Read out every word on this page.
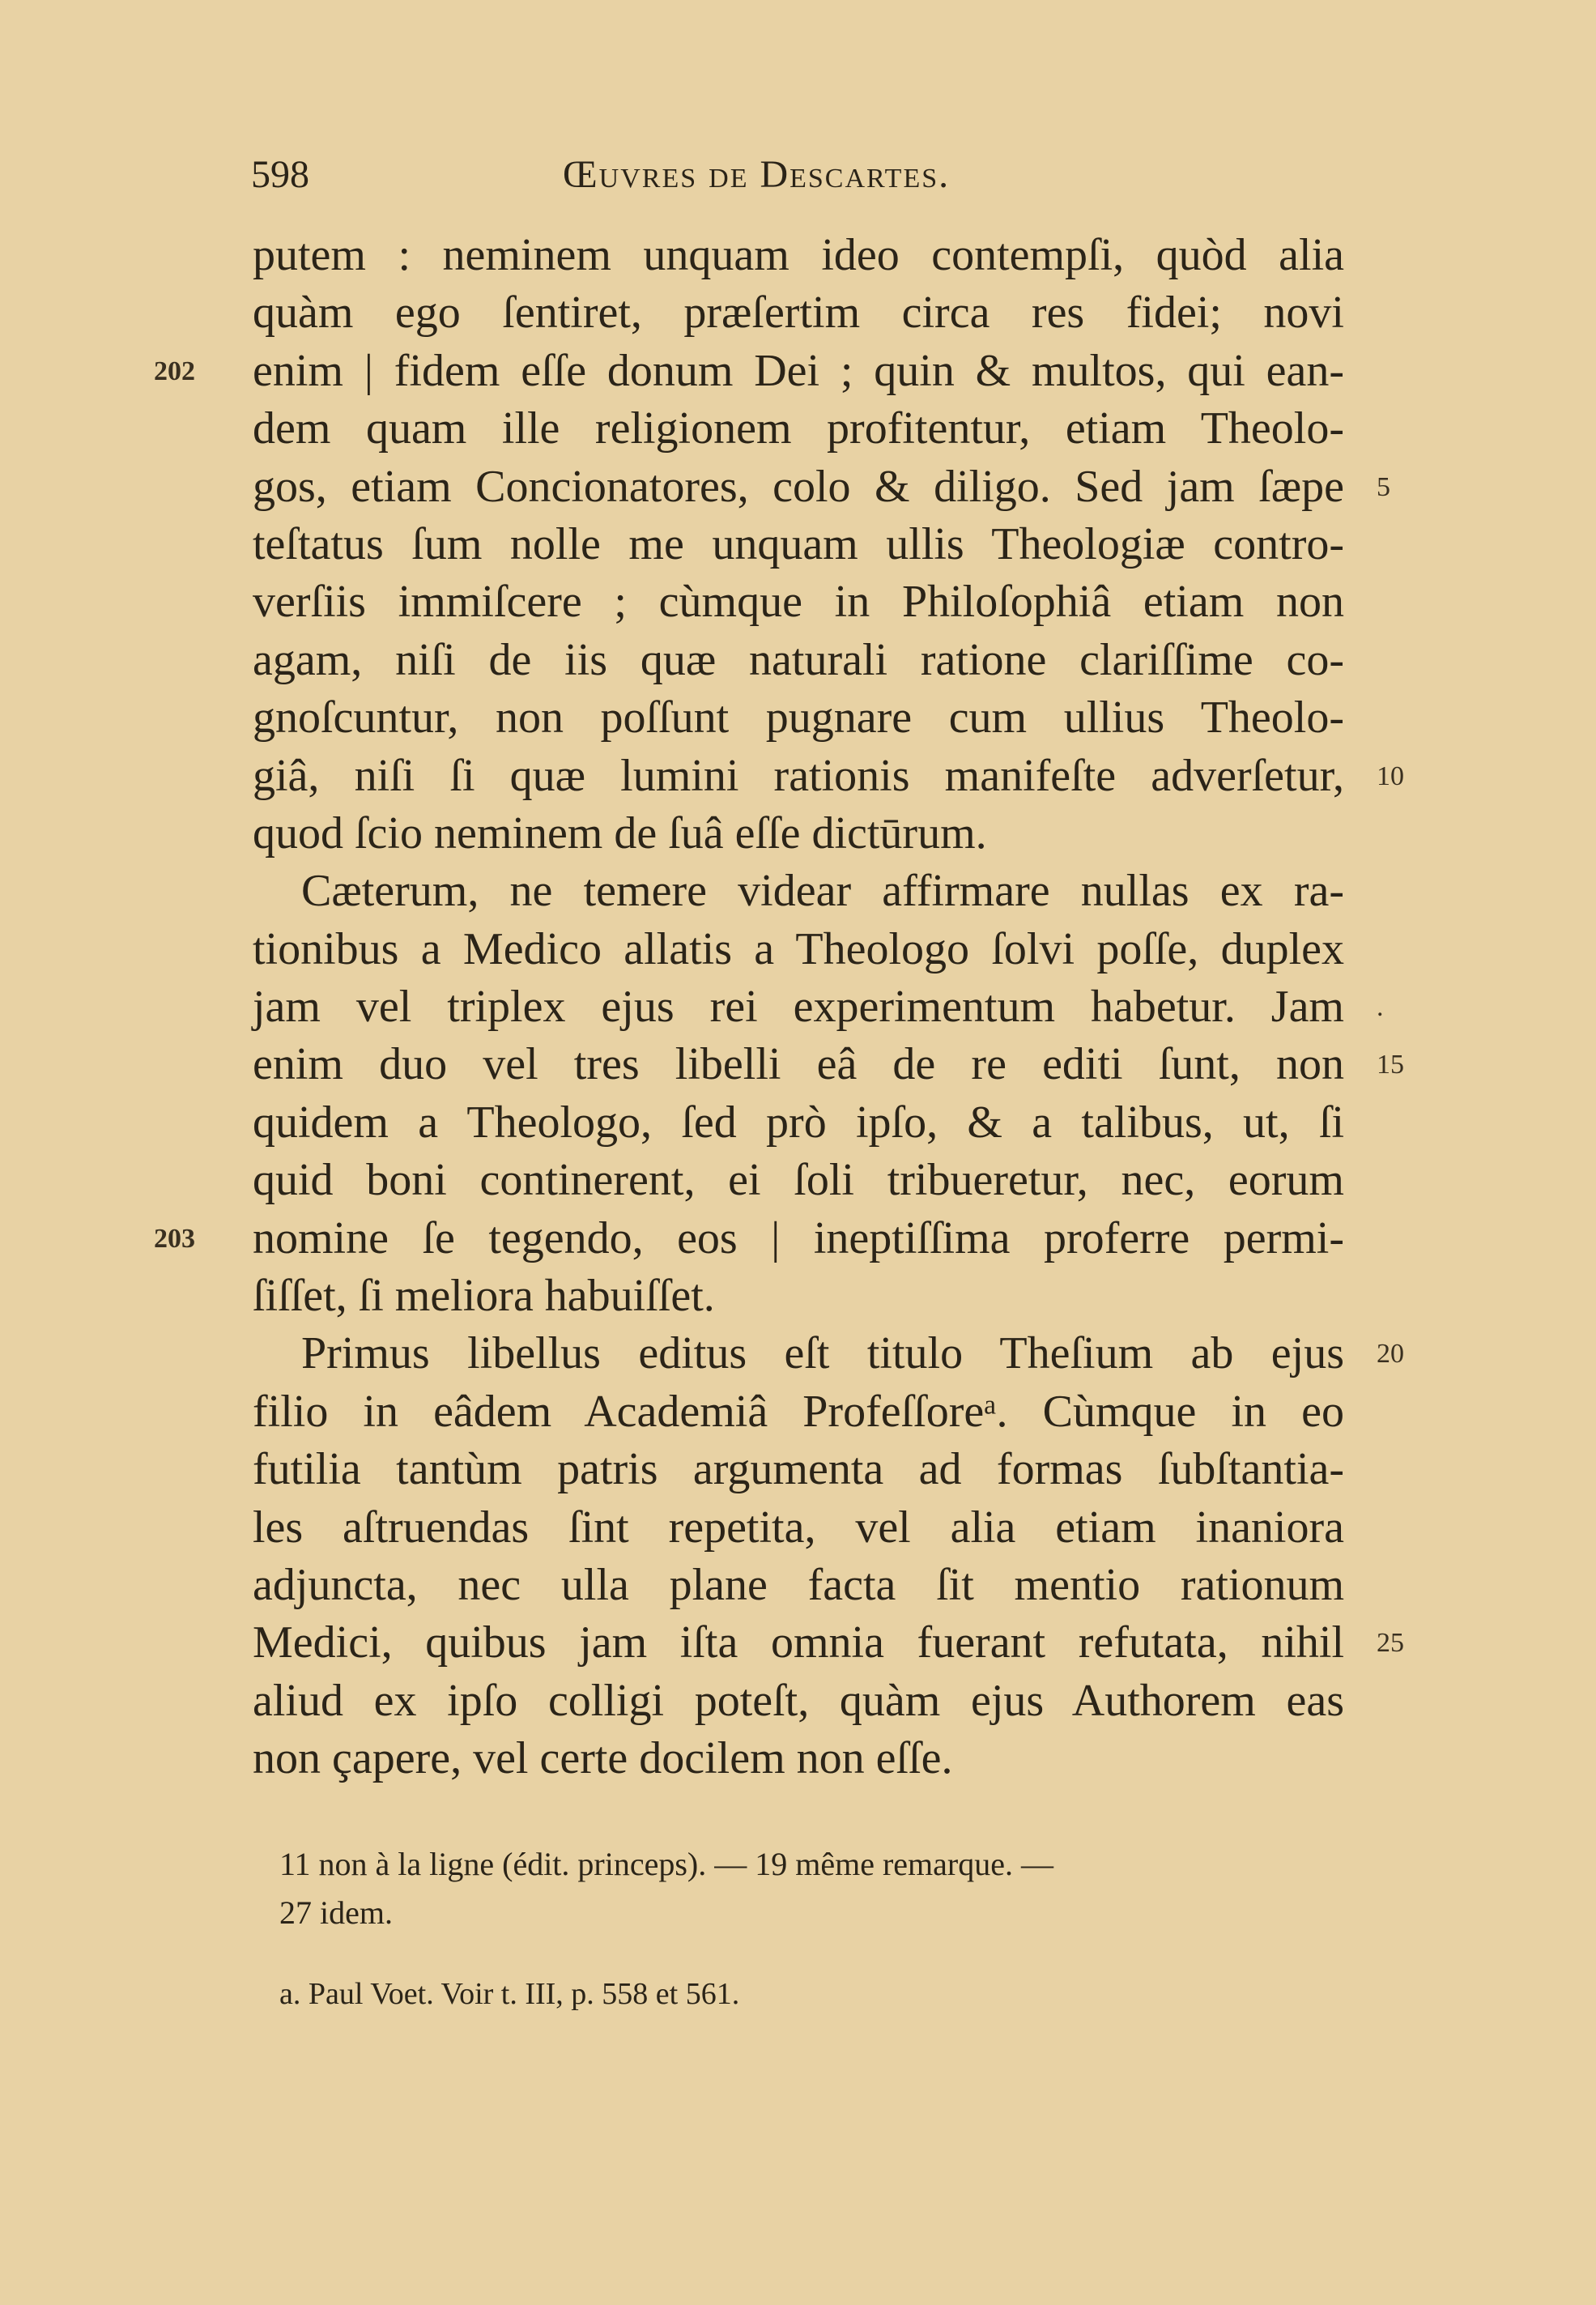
598	Œuvres de Descartes.
putem : neminem unquam ideo contempſi, quòd alia
quàm ego ſentiret, præſertim circa res fidei; novi
enim | fidem eſſe donum Dei ; quin & multos, qui ean-
202
dem quam ille religionem profitentur, etiam Theolo-
gos, etiam Concionatores, colo & diligo. Sed jam ſæpe 5
teſtatus ſum nolle me unquam ullis Theologiæ contro-
verſiis immiſcere ; cùmque in Philoſophiâ etiam non
agam, niſi de iis quæ naturali ratione clariſſime co-
gnoſcuntur, non poſſunt pugnare cum ullius Theolo-
giâ, niſi ſi quæ lumini rationis manifeſte adverſetur, 10
quod ſcio neminem de ſuâ eſſe dictūrum.
Cæterum, ne temere videar affirmare nullas ex ra-
tionibus a Medico allatis a Theologo ſolvi poſſe, duplex
jam vel triplex ejus rei experimentum habetur. Jam .
enim duo vel tres libelli eâ de re editi ſunt, non 15
quidem a Theologo, ſed prò ipſo, & a talibus, ut, ſi
quid boni continerent, ei ſoli tribueretur, nec, eorum
nomine ſe tegendo, eos | ineptiſſima proferre permi-
203
ſiſſet, ſi meliora habuiſſet.
Primus libellus editus eſt titulo Theſium ab ejus 20
filio in eâdem Academiâ Profeſſoreᵃ. Cùmque in eo
futilia tantùm patris argumenta ad formas ſubſtantia-
les aſtruendas ſint repetita, vel alia etiam inaniora
adjuncta, nec ulla plane facta ſit mentio rationum
Medici, quibus jam iſta omnia fuerant refutata, nihil 25
aliud ex ipſo colligi poteſt, quàm ejus Authorem eas
non çapere, vel certe docilem non eſſe.
11 non à la ligne (édit. princeps). — 19 même remarque. —
27 idem.
a. Paul Voet. Voir t. III, p. 558 et 561.
